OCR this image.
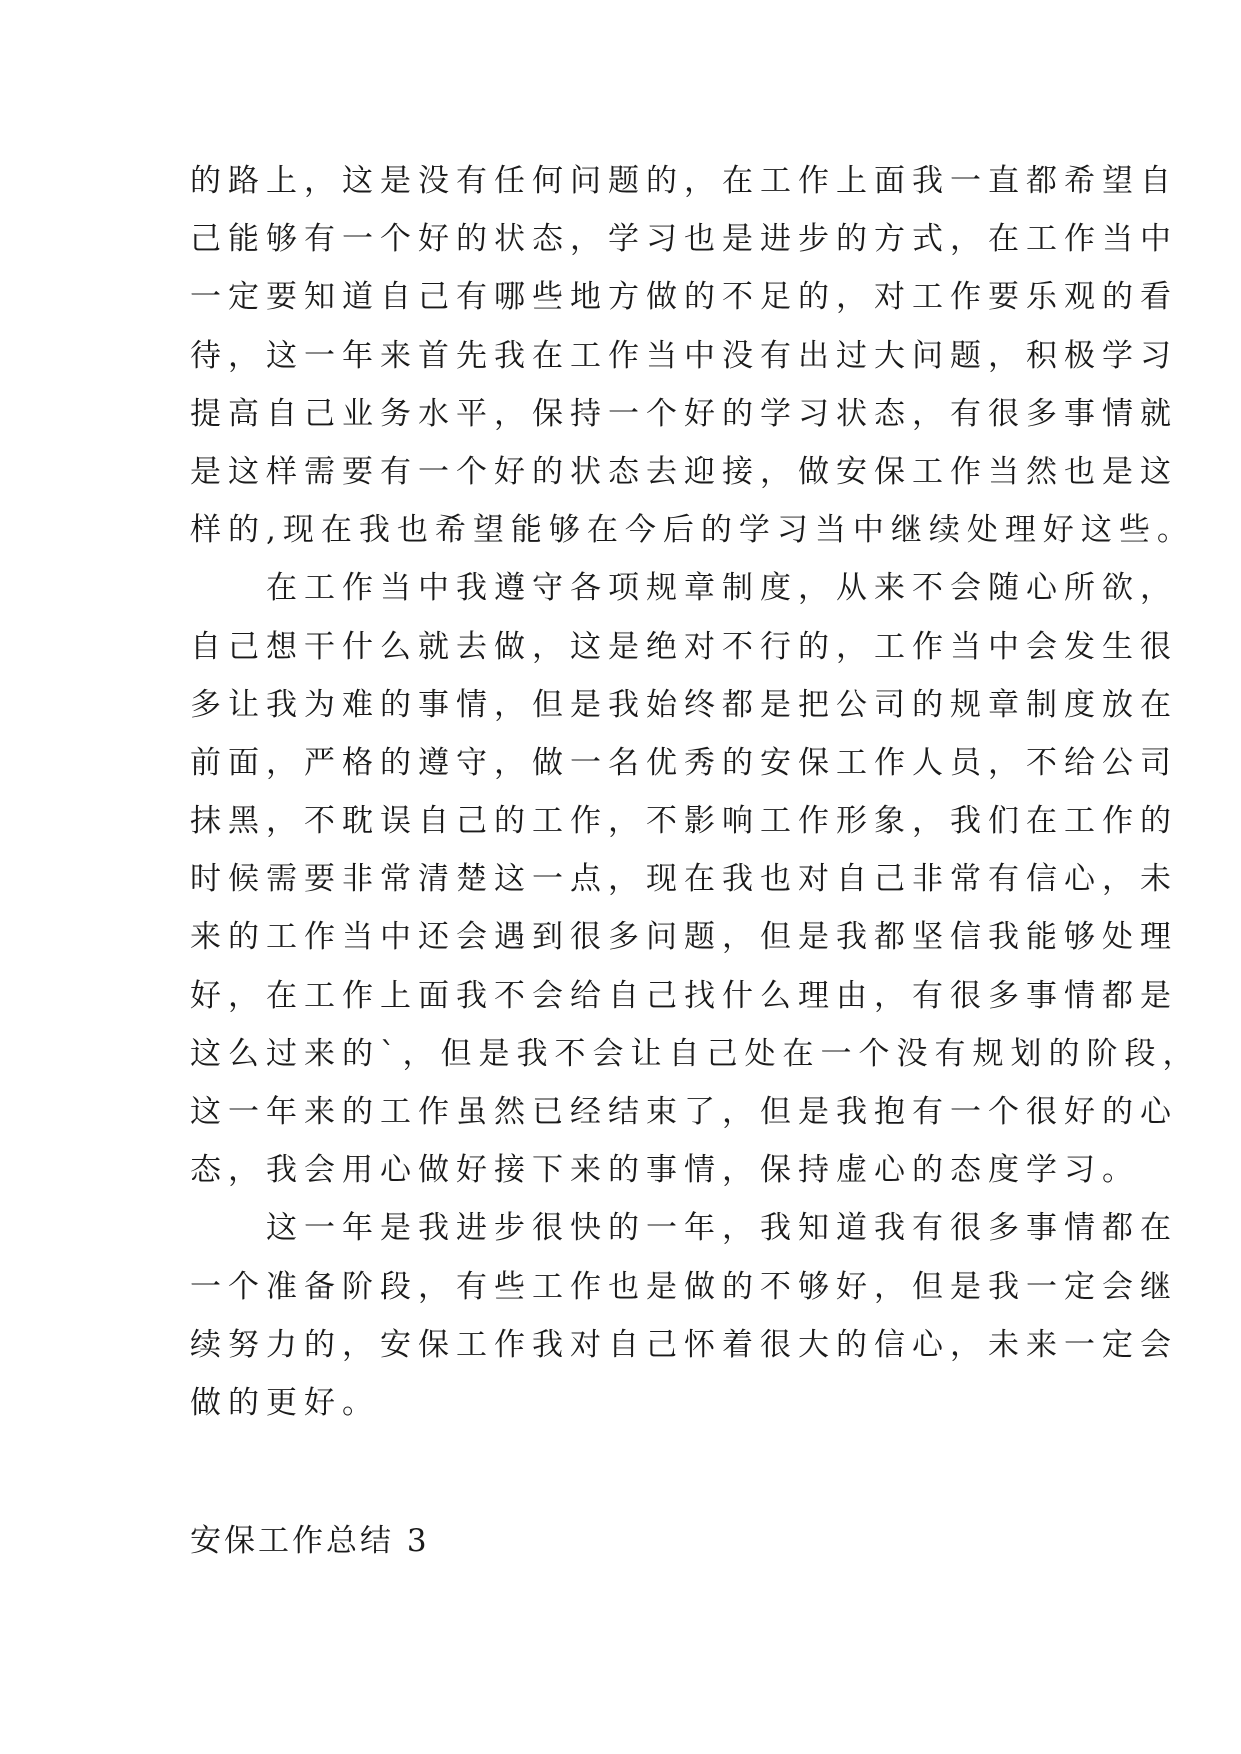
的路上，这是没有任何问题的，在工作上面我一直都希望自
己能够有一个好的状态，学习也是进步的方式，在工作当中
一定要知道自己有哪些地方做的不足的，对工作要乐观的看
待，这一年来首先我在工作当中没有出过大问题，积极学习
提高自己业务水平，保持一个好的学习状态，有很多事情就
是这样需要有一个好的状态去迎接，做安保工作当然也是这
样的,现在我也希望能够在今后的学习当中继续处理好这些。
　　在工作当中我遵守各项规章制度，从来不会随心所欲，
自己想干什么就去做，这是绝对不行的，工作当中会发生很
多让我为难的事情，但是我始终都是把公司的规章制度放在
前面，严格的遵守，做一名优秀的安保工作人员，不给公司
抹黑，不耽误自己的工作，不影响工作形象，我们在工作的
时候需要非常清楚这一点，现在我也对自己非常有信心，未
来的工作当中还会遇到很多问题，但是我都坚信我能够处理
好，在工作上面我不会给自己找什么理由，有很多事情都是
这么过来的`，但是我不会让自己处在一个没有规划的阶段，
这一年来的工作虽然已经结束了，但是我抱有一个很好的心
态，我会用心做好接下来的事情，保持虚心的态度学习。
　　这一年是我进步很快的一年，我知道我有很多事情都在
一个准备阶段，有些工作也是做的不够好，但是我一定会继
续努力的，安保工作我对自己怀着很大的信心，未来一定会
做的更好。
安保工作总结 3
